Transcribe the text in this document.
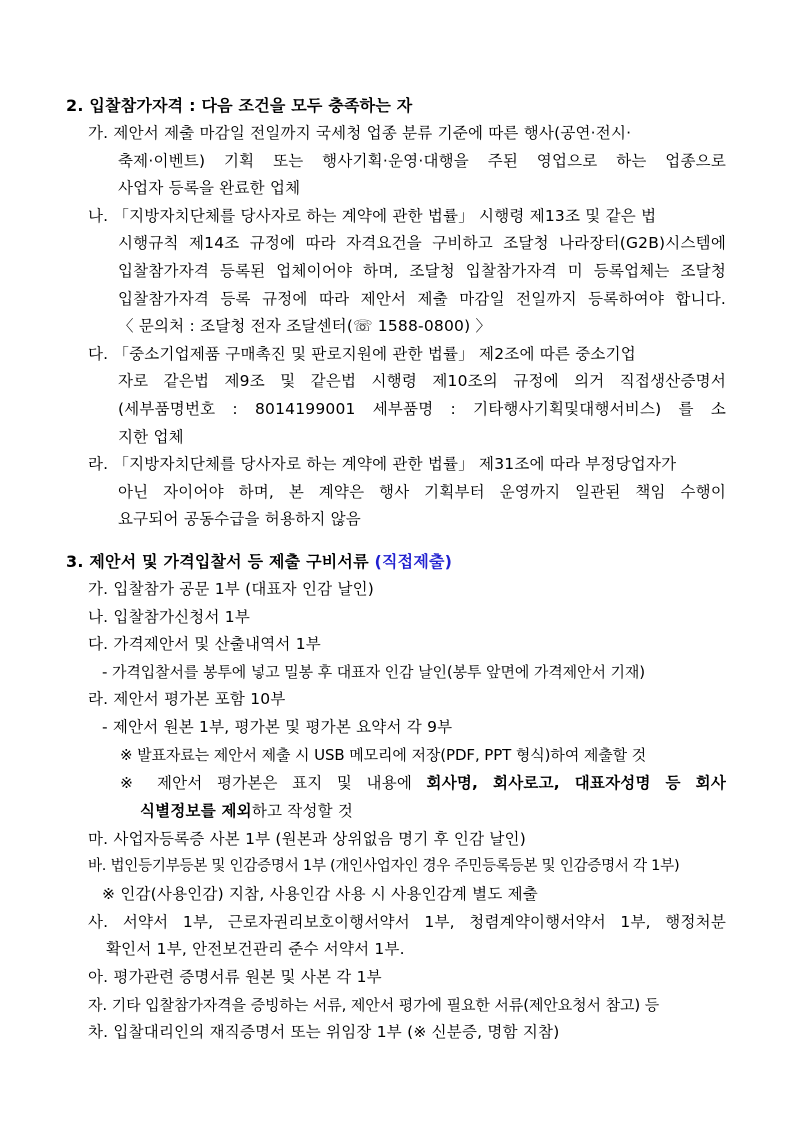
2. 입찰참가자격 : 다음 조건을 모두 충족하는 자
가. 제안서 제출 마감일 전일까지 국세청 업종 분류 기준에 따른 행사(공연·전시·
축제·이벤트) 기획 또는 행사기획·운영·대행을 주된 영업으로 하는 업종으로
사업자 등록을 완료한 업체
나. 「지방자치단체를 당사자로 하는 계약에 관한 법률」 시행령 제13조 및 같은 법
시행규칙 제14조 규정에 따라 자격요건을 구비하고 조달청 나라장터(G2B)시스템에
입찰참가자격 등록된 업체이어야 하며, 조달청 입찰참가자격 미 등록업체는 조달청
입찰참가자격 등록 규정에 따라 제안서 제출 마감일 전일까지 등록하여야 합니다.
〈 문의처 : 조달청 전자 조달센터(☏ 1588-0800) 〉
다. 「중소기업제품 구매촉진 및 판로지원에 관한 법률」 제2조에 따른 중소기업
자로 같은법 제9조 및 같은법 시행령 제10조의 규정에 의거 직접생산증명서
(세부품명번호 : 8014199001 세부품명 : 기타행사기획및대행서비스) 를 소
지한 업체
라. 「지방자치단체를 당사자로 하는 계약에 관한 법률」 제31조에 따라 부정당업자가
아닌 자이어야 하며, 본 계약은 행사 기획부터 운영까지 일관된 책임 수행이
요구되어 공동수급을 허용하지 않음
3. 제안서 및 가격입찰서 등 제출 구비서류 (직접제출)
가. 입찰참가 공문 1부 (대표자 인감 날인)
나. 입찰참가신청서 1부
다. 가격제안서 및 산출내역서 1부
- 가격입찰서를 봉투에 넣고 밀봉 후 대표자 인감 날인(봉투 앞면에 가격제안서 기재)
라. 제안서 평가본 포함 10부
- 제안서 원본 1부, 평가본 및 평가본 요약서 각 9부
※ 발표자료는 제안서 제출 시 USB 메모리에 저장(PDF, PPT 형식)하여 제출할 것
※ 제안서 평가본은 표지 및 내용에 회사명, 회사로고, 대표자성명 등 회사
식별정보를 제외하고 작성할 것
마. 사업자등록증 사본 1부 (원본과 상위없음 명기 후 인감 날인)
바. 법인등기부등본 및 인감증명서 1부 (개인사업자인 경우 주민등록등본 및 인감증명서 각 1부)
※ 인감(사용인감) 지참, 사용인감 사용 시 사용인감계 별도 제출
사. 서약서 1부, 근로자권리보호이행서약서 1부, 청렴계약이행서약서 1부, 행정처분
확인서 1부, 안전보건관리 준수 서약서 1부.
아. 평가관련 증명서류 원본 및 사본 각 1부
자. 기타 입찰참가자격을 증빙하는 서류, 제안서 평가에 필요한 서류(제안요청서 참고) 등
차. 입찰대리인의 재직증명서 또는 위임장 1부 (※ 신분증, 명함 지참)
